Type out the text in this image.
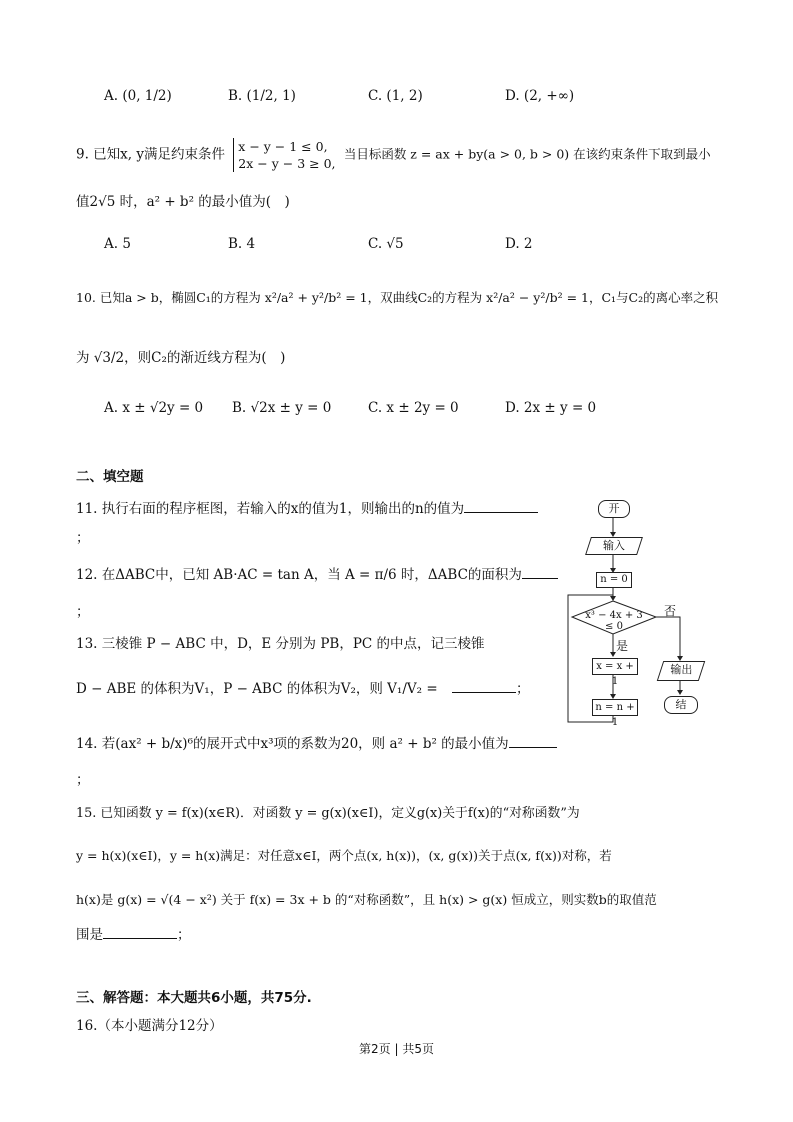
A. (0, 1/2)	B. (1/2, 1)	C. (1, 2)	D. (2, +∞)
9. 已知x, y满足约束条件 x − y − 1 ≤ 0,
2x − y − 3 ≥ 0,
当目标函数 z = ax + by(a > 0, b > 0) 在该约束条件下取到最小
值2√5 时，a² + b² 的最小值为(　)
A. 5	B. 4	C. √5	D. 2
10. 已知a > b，椭圆C₁的方程为 x²/a² + y²/b² = 1，双曲线C₂的方程为 x²/a² − y²/b² = 1，C₁与C₂的离心率之积
为 √3/2，则C₂的渐近线方程为(　)
A. x ± √2y = 0 B. √2x ± y = 0	C. x ± 2y = 0	D. 2x ± y = 0
二、填空题
11. 执行右面的程序框图，若输入的x的值为1，则输出的n的值为
；
12. 在ΔABC中，已知 AB·AC = tan A，当 A = π/6 时，ΔABC的面积为
；
13. 三棱锥 P − ABC 中，D，E 分别为 PB，PC 的中点，记三棱锥
D − ABE 的体积为V₁，P − ABC 的体积为V₂，则 V₁/V₂ =	；
14. 若(ax² + b/x)⁶的展开式中x³项的系数为20，则 a² + b² 的最小值为
；
15. 已知函数 y = f(x)(x∈R)．对函数 y = g(x)(x∈I)，定义g(x)关于f(x)的“对称函数”为
y = h(x)(x∈I)，y = h(x)满足：对任意x∈I，两个点(x, h(x))，(x, g(x))关于点(x, f(x))对称，若
h(x)是 g(x) = √(4 − x²) 关于 f(x) = 3x + b 的“对称函数”，且 h(x) > g(x) 恒成立，则实数b的取值范
围是	；
三、解答题：本大题共6小题，共75分.
16.（本小题满分12分）
开
输入
n = 0
x³ − 4x + 3 ≤ 0
是
否
x = x + 1
n = n + 1
输出
结
第2页 | 共5页
